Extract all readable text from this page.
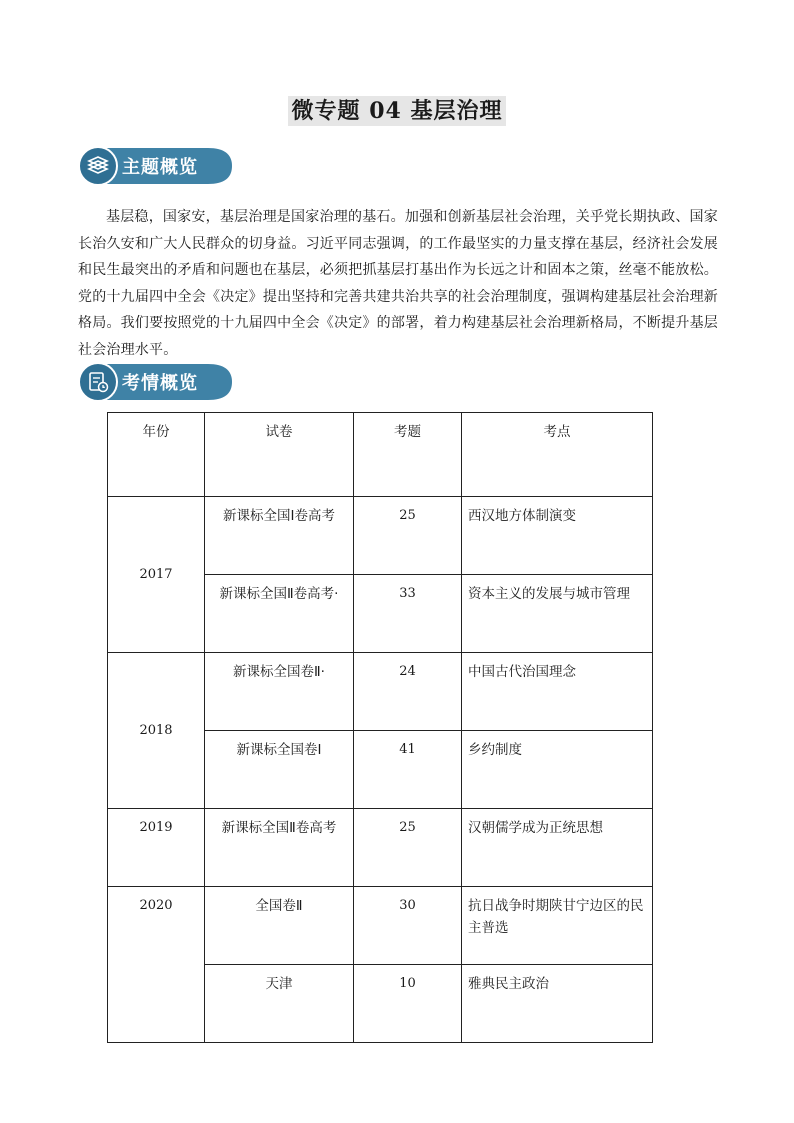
微专题 04 基层治理
主题概览

基层稳，国家安，基层治理是国家治理的基石。加强和创新基层社会治理，关乎党长期执政、国家长治久安和广大人民群众的切身益。习近平同志强调，的工作最坚实的力量支撑在基层，经济社会发展和民生最突出的矛盾和问题也在基层，必须把抓基层打基出作为长远之计和固本之策，丝毫不能放松。党的十九届四中全会《决定》提出坚持和完善共建共治共享的社会治理制度，强调构建基层社会治理新格局。我们要按照党的十九届四中全会《决定》的部署，着力构建基层社会治理新格局，不断提升基层社会治理水平。

考情概览
年份	试卷	考题	考点
2017	新课标全国Ⅰ卷高考	25	西汉地方体制演变
	新课标全国Ⅱ卷高考·	33	资本主义的发展与城市管理
2018	新课标全国卷Ⅱ·	24	中国古代治国理念
	新课标全国卷Ⅰ	41	乡约制度
2019	新课标全国Ⅱ卷高考	25	汉朝儒学成为正统思想
2020	全国卷Ⅱ	30	抗日战争时期陕甘宁边区的民主普选
	天津	10	雅典民主政治
